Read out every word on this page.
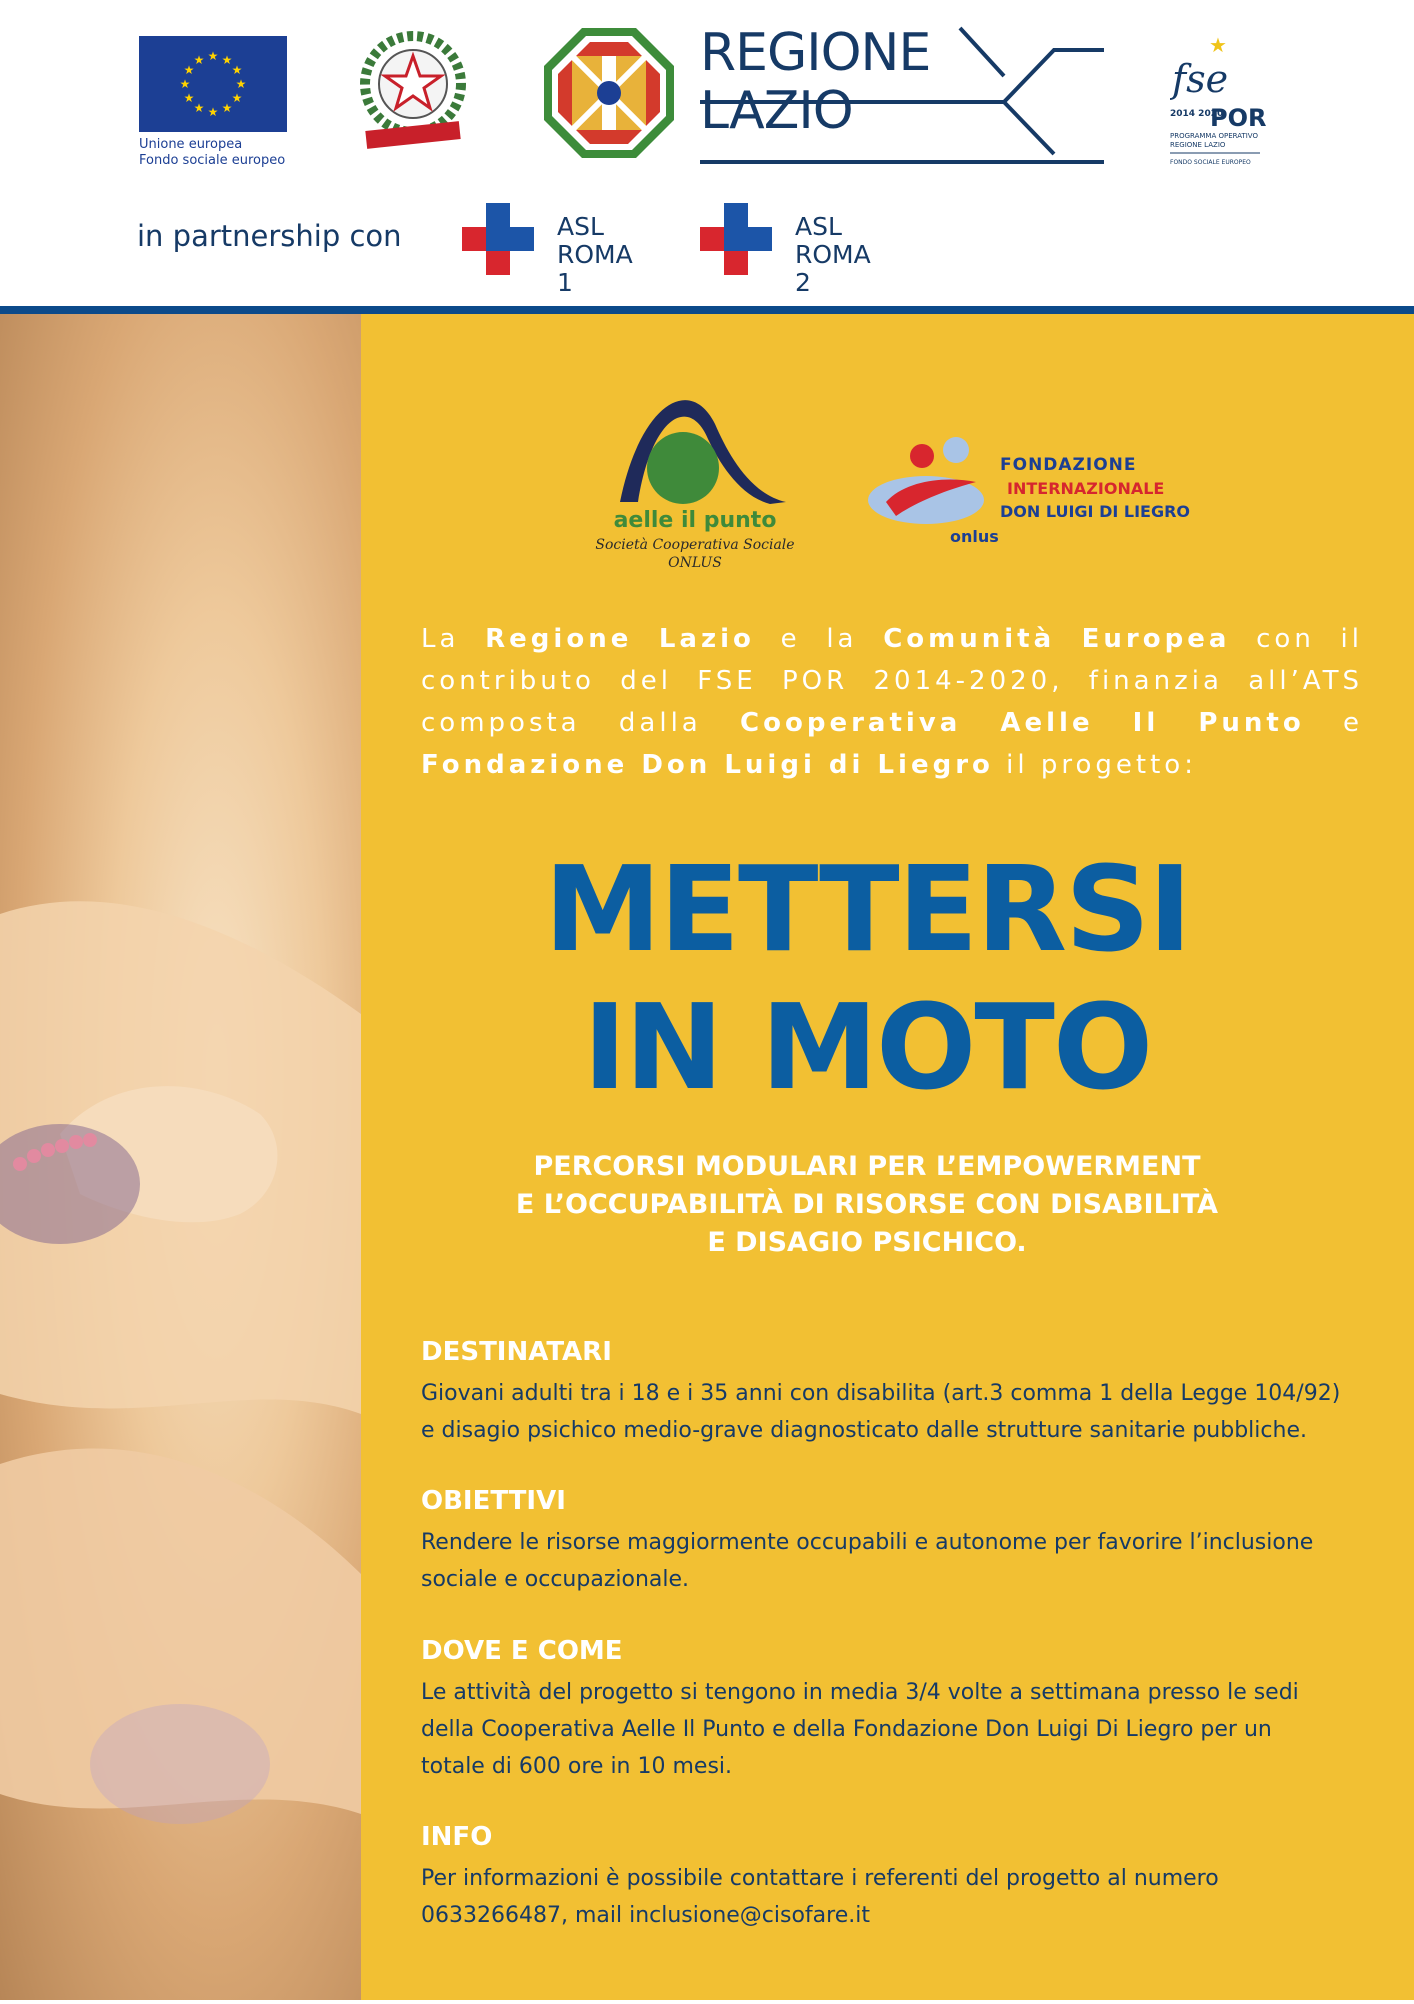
★ ★
★
★
★
★
★
★
★
★
★
★
Unione europea
Fondo sociale europeo
REGIONE
LAZIO
★
fse
2014 2020
POR
PROGRAMMA OPERATIVO
REGIONE LAZIO
FONDO SOCIALE EUROPEO
in partnership con	ASL
ROMA 1
ASL
ROMA 2
aelle il punto
Società Cooperativa Sociale
ONLUS
FONDAZIONE
INTERNAZIONALE
DON LUIGI DI LIEGRO
onlus
La Regione Lazio e la Comunità Europea con il contributo del FSE POR 2014-2020, finanzia all’ATS composta dalla Cooperativa Aelle Il Punto e Fondazione Don Luigi di Liegro il progetto:
METTERSI
IN MOTO
PERCORSI MODULARI PER L’EMPOWERMENT
E L’OCCUPABILITÀ DI RISORSE CON DISABILITÀ
E DISAGIO PSICHICO.
DESTINATARI
Giovani adulti tra i 18 e i 35 anni con disabilita (art.3 comma 1 della Legge 104/92)
e disagio psichico medio-grave diagnosticato dalle strutture sanitarie pubbliche.
OBIETTIVI
Rendere le risorse maggiormente occupabili e autonome per favorire l’inclusione
sociale e occupazionale.
DOVE E COME
Le attività del progetto si tengono in media 3/4 volte a settimana presso le sedi
della Cooperativa Aelle Il Punto e della Fondazione Don Luigi Di Liegro per un
totale di 600 ore in 10 mesi.
INFO
Per informazioni è possibile contattare i referenti del progetto al numero
0633266487, mail inclusione@cisofare.it
